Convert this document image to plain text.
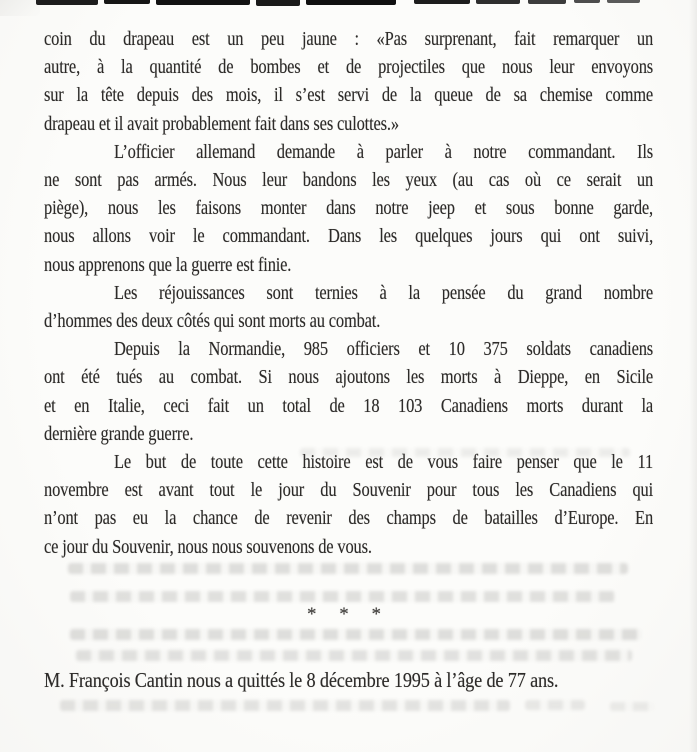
coin du drapeau est un peu jaune : «Pas surprenant, fait remarquer un
autre, à la quantité de bombes et de projectiles que nous leur envoyons
sur la tête depuis des mois, il s’est servi de la queue de sa chemise comme
drapeau et il avait probablement fait dans ses culottes.»
L’officier allemand demande à parler à notre commandant. Ils
ne sont pas armés. Nous leur bandons les yeux (au cas où ce serait un
piège), nous les faisons monter dans notre jeep et sous bonne garde,
nous allons voir le commandant. Dans les quelques jours qui ont suivi,
nous apprenons que la guerre est finie.
Les réjouissances sont ternies à la pensée du grand nombre
d’hommes des deux côtés qui sont morts au combat.
Depuis la Normandie, 985 officiers et 10 375 soldats canadiens
ont été tués au combat. Si nous ajoutons les morts à Dieppe, en Sicile
et en Italie, ceci fait un total de 18 103 Canadiens morts durant la
dernière grande guerre.
Le but de toute cette histoire est de vous faire penser que le 11
novembre est avant tout le jour du Souvenir pour tous les Canadiens qui
n’ont pas eu la chance de revenir des champs de batailles d’Europe. En
ce jour du Souvenir, nous nous souvenons de vous.
* * *
M. François Cantin nous a quittés le 8 décembre 1995 à l’âge de 77 ans.
